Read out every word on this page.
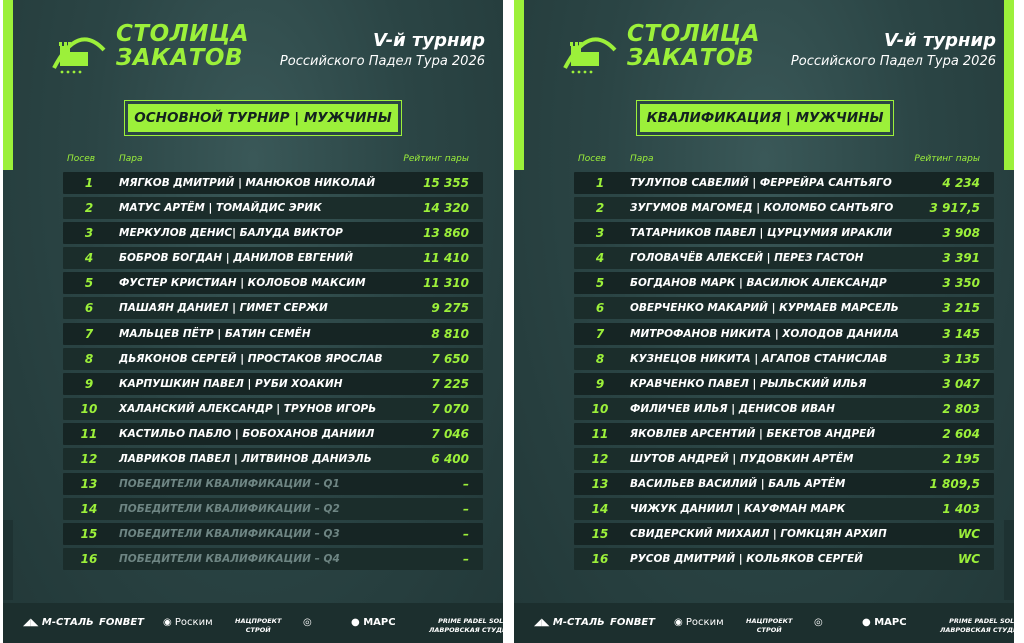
СТОЛИЦА
ЗАКАТОВ
V-й турнир
Российского Падел Тура 2026
ОСНОВНОЙ ТУРНИР | МУЖЧИНЫ
Посев	Пара	Рейтинг пары
1	МЯГКОВ ДМИТРИЙ | МАНЮКОВ НИКОЛАЙ	15 355
2	МАТУС АРТЁМ | ТОМАЙДИС ЭРИК	14 320
3	МЕРКУЛОВ ДЕНИС| БАЛУДА ВИКТОР	13 860
4	БОБРОВ БОГДАН | ДАНИЛОВ ЕВГЕНИЙ	11 410
5	ФУСТЕР КРИСТИАН | КОЛОБОВ МАКСИМ	11 310
6	ПАШАЯН ДАНИЕЛ | ГИМЕТ СЕРЖИ	9 275
7	МАЛЬЦЕВ ПЁТР | БАТИН СЕМЁН	8 810
8	ДЬЯКОНОВ СЕРГЕЙ | ПРОСТАКОВ ЯРОСЛАВ	7 650
9	КАРПУШКИН ПАВЕЛ | РУБИ ХОАКИН	7 225
10	ХАЛАНСКИЙ АЛЕКСАНДР | ТРУНОВ ИГОРЬ	7 070
11	КАСТИЛЬО ПАБЛО | БОБОХАНОВ ДАНИИЛ	7 046
12	ЛАВРИКОВ ПАВЕЛ | ЛИТВИНОВ ДАНИЭЛЬ	6 400
13	ПОБЕДИТЕЛИ КВАЛИФИКАЦИИ – Q1	–
14	ПОБЕДИТЕЛИ КВАЛИФИКАЦИИ – Q2	–
15	ПОБЕДИТЕЛИ КВАЛИФИКАЦИИ – Q3	–
16	ПОБЕДИТЕЛИ КВАЛИФИКАЦИИ – Q4	–
◢◣ М-СТАЛЬ FONBET ◉ Роским	НАЦПРОЕКТ
СТРОЙ
◎	● МАРС	PRIME PADEL SOL
ЛАВРОВСКАЯ СТУДИЯ
СТОЛИЦА
ЗАКАТОВ
V-й турнир
Российского Падел Тура 2026
КВАЛИФИКАЦИЯ | МУЖЧИНЫ
Посев	Пара	Рейтинг пары
1	ТУЛУПОВ САВЕЛИЙ | ФЕРРЕЙРА САНТЬЯГО	4 234
2	ЗУГУМОВ МАГОМЕД | КОЛОМБО САНТЬЯГО	3 917,5
3	ТАТАРНИКОВ ПАВЕЛ | ЦУРЦУМИЯ ИРАКЛИ	3 908
4	ГОЛОВАЧЁВ АЛЕКСЕЙ | ПЕРЕЗ ГАСТОН	3 391
5	БОГДАНОВ МАРК | ВАСИЛЮК АЛЕКСАНДР	3 350
6	ОВЕРЧЕНКО МАКАРИЙ | КУРМАЕВ МАРСЕЛЬ	3 215
7	МИТРОФАНОВ НИКИТА | ХОЛОДОВ ДАНИЛА	3 145
8	КУЗНЕЦОВ НИКИТА | АГАПОВ СТАНИСЛАВ	3 135
9	КРАВЧЕНКО ПАВЕЛ | РЫЛЬСКИЙ ИЛЬЯ	3 047
10	ФИЛИЧЕВ ИЛЬЯ | ДЕНИСОВ ИВАН	2 803
11	ЯКОВЛЕВ АРСЕНТИЙ | БЕКЕТОВ АНДРЕЙ	2 604
12	ШУТОВ АНДРЕЙ | ПУДОВКИН АРТЁМ	2 195
13	ВАСИЛЬЕВ ВАСИЛИЙ | БАЛЬ АРТЁМ	1 809,5
14	ЧИЖУК ДАНИИЛ | КАУФМАН МАРК	1 403
15	СВИДЕРСКИЙ МИХАИЛ | ГОМКЦЯН АРХИП	WC
16	РУСОВ ДМИТРИЙ | КОЛЬЯКОВ СЕРГЕЙ	WC
◢◣ М-СТАЛЬ FONBET ◉ Роским	НАЦПРОЕКТ
СТРОЙ
◎	● МАРС	PRIME PADEL SOL
ЛАВРОВСКАЯ СТУДИЯ
